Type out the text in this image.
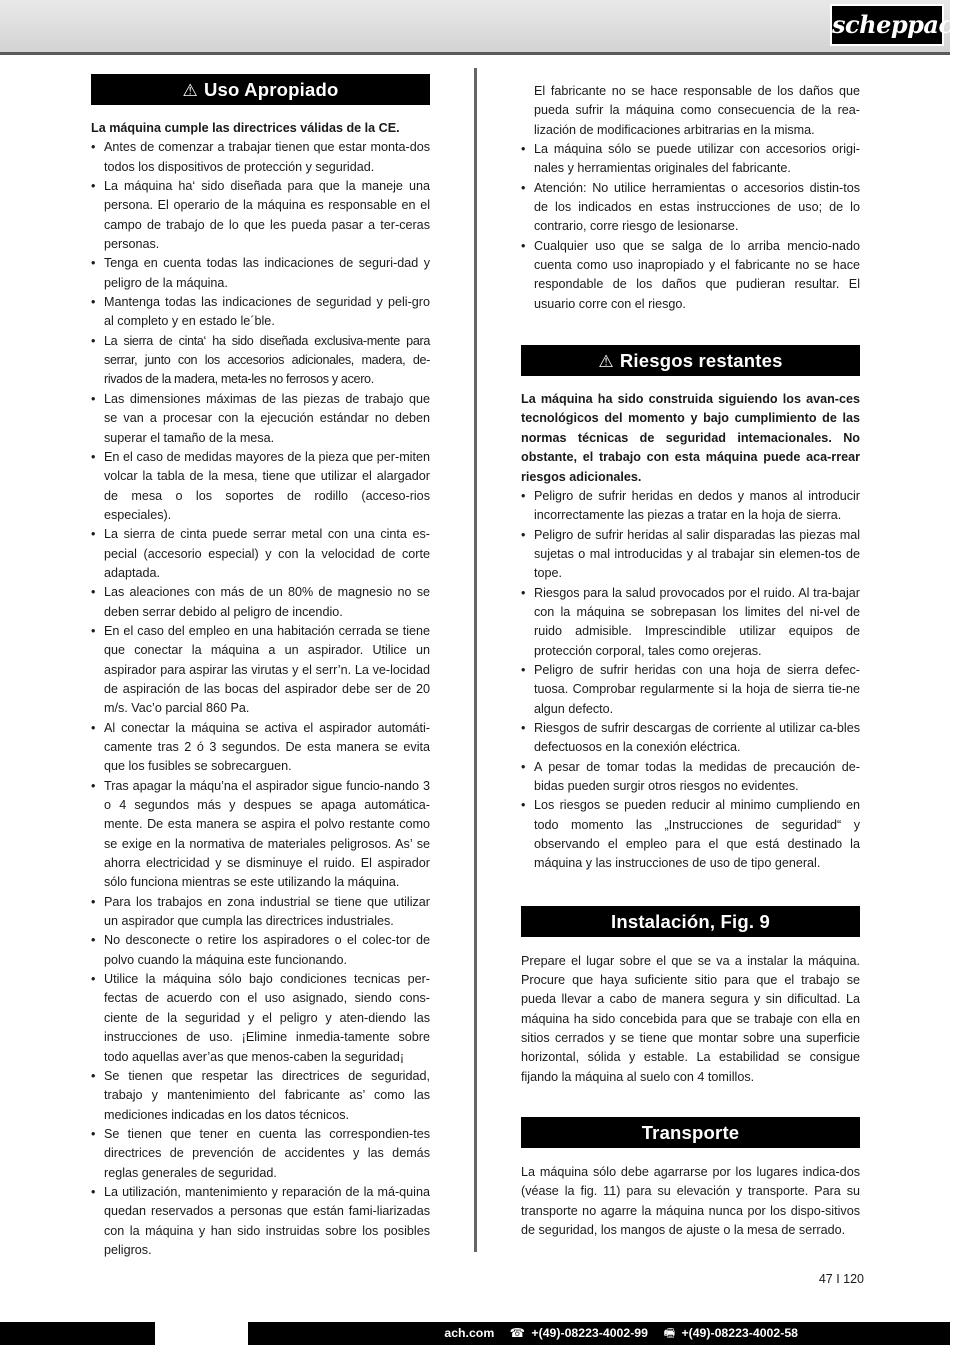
scheppach
⚠ Uso Apropiado

La máquina cumple las directrices válidas de la CE.

• Antes de comenzar a trabajar tienen que estar monta-dos todos los dispositivos de protección y seguridad.
• La máquina ha‘ sido diseñada para que la maneje una persona. El operario de la máquina es responsable en el campo de trabajo de lo que les pueda pasar a ter-ceras personas.
• Tenga en cuenta todas las indicaciones de seguri-dad y peligro de la máquina.
• Mantenga todas las indicaciones de seguridad y peli-gro al completo y en estado le´ble.
• La sierra de cinta‘ ha sido diseñada exclusiva-mente para serrar, junto con los accesorios adicionales, madera, de-rivados de la madera, meta-les no ferrosos y acero.
• Las dimensiones máximas de las piezas de trabajo que se van a procesar con la ejecución estándar no deben superar el tamaño de la mesa.
• En el caso de medidas mayores de la pieza que per-miten volcar la tabla de la mesa, tiene que utilizar el alargador de mesa o los soportes de rodillo (acceso-rios especiales).
• La sierra de cinta puede serrar metal con una cinta es-pecial (accesorio especial) y con la velocidad de corte adaptada.
• Las aleaciones con más de un 80% de magnesio no se deben serrar debido al peligro de incendio.
• En el caso del empleo en una habitación cerrada se tiene que conectar la máquina a un aspirador. Utilice un aspirador para aspirar las virutas y el serr’n. La ve-locidad de aspiración de las bocas del aspirador debe ser de 20 m/s. Vac’o parcial 860 Pa.
• Al conectar la máquina se activa el aspirador automáti-camente tras 2 ó 3 segundos. De esta manera se evita que los fusibles se sobrecarguen.
• Tras apagar la máqu’na el aspirador sigue funcio-nando 3 o 4 segundos más y despues se apaga automática-mente. De esta manera se aspira el polvo restante como se exige en la normativa de materiales peligrosos. As’ se ahorra electricidad y se disminuye el ruido. El aspirador sólo funciona mientras se este utilizando la máquina.
• Para los trabajos en zona industrial se tiene que utilizar un aspirador que cumpla las directrices industriales.
• No desconecte o retire los aspiradores o el colec-tor de polvo cuando la máquina este funcionando.
• Utilice la máquina sólo bajo condiciones tecnicas per-fectas de acuerdo con el uso asignado, siendo cons-ciente de la seguridad y el peligro y aten-diendo las instrucciones de uso. ¡Elimine inmedia-tamente sobre todo aquellas aver’as que menos-caben la seguridad¡
• Se tienen que respetar las directrices de seguridad, trabajo y mantenimiento del fabricante as’ como las mediciones indicadas en los datos técnicos.
• Se tienen que tener en cuenta las correspondien-tes directrices de prevención de accidentes y las demás reglas generales de seguridad.
• La utilización, mantenimiento y reparación de la má-quina quedan reservados a personas que están fami-liarizadas con la máquina y han sido instruidas sobre los posibles peligros.

El fabricante no se hace responsable de los daños que pueda sufrir la máquina como consecuencia de la rea-lización de modificaciones arbitrarias en la misma.

• La máquina sólo se puede utilizar con accesorios origi-nales y herramientas originales del fabricante.
• Atención: No utilice herramientas o accesorios distin-tos de los indicados en estas instrucciones de uso; de lo contrario, corre riesgo de lesionarse.
• Cualquier uso que se salga de lo arriba mencio-nado cuenta como uso inapropiado y el fabricante no se hace respondable de los daños que pudieran resultar. El usuario corre con el riesgo.
⚠ Riesgos restantes

La máquina ha sido construida siguiendo los avan-ces tecnológicos del momento y bajo cumplimiento de las normas técnicas de seguridad intemacionales. No obstante, el trabajo con esta máquina puede aca-rrear riesgos adicionales.

• Peligro de sufrir heridas en dedos y manos al introducir incorrectamente las piezas a tratar en la hoja de sierra.
• Peligro de sufrir heridas al salir disparadas las piezas mal sujetas o mal introducidas y al trabajar sin elemen-tos de tope.
• Riesgos para la salud provocados por el ruido. Al tra-bajar con la máquina se sobrepasan los limites del ni-vel de ruido admisible. Imprescindible utilizar equipos de protección corporal, tales como orejeras.
• Peligro de sufrir heridas con una hoja de sierra defec-tuosa. Comprobar regularmente si la hoja de sierra tie-ne algun defecto.
• Riesgos de sufrir descargas de corriente al utilizar ca-bles defectuosos en la conexión eléctrica.
• A pesar de tomar todas la medidas de precaución de-bidas pueden surgir otros riesgos no evidentes.
• Los riesgos se pueden reducir al minimo cumpliendo en todo momento las „Instrucciones de seguridad“ y observando el empleo para el que está destinado la máquina y las instrucciones de uso de tipo general.
Instalación, Fig. 9

Prepare el lugar sobre el que se va a instalar la máquina. Procure que haya suficiente sitio para que el trabajo se pueda llevar a cabo de manera segura y sin dificultad. La máquina ha sido concebida para que se trabaje con ella en sitios cerrados y se tiene que montar sobre una superficie horizontal, sólida y estable. La estabilidad se consigue fijando la máquina al suelo con 4 tomillos.

Transporte

La máquina sólo debe agarrarse por los lugares indica-dos (véase la fig. 11) para su elevación y transporte. Para su transporte no agarre la máquina nunca por los dispo-sitivos de seguridad, los mangos de ajuste o la mesa de serrado.

47 I 120
ach.com ☎ +(49)-08223-4002-99 🖷 +(49)-08223-4002-58
